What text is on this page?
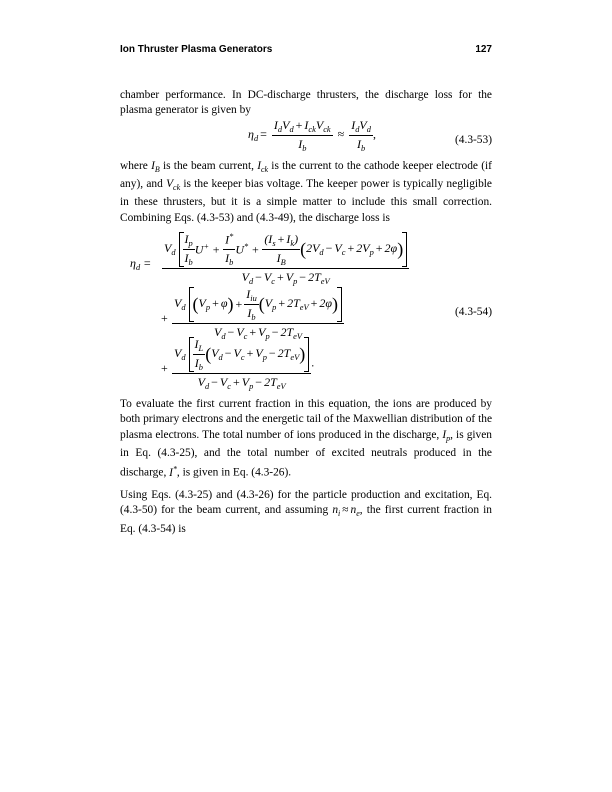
Ion Thruster Plasma Generators	127
chamber performance. In DC-discharge thrusters, the discharge loss for the plasma generator is given by
$\eta_d = \frac{I_dV_d + I_{ck}V_{ck}}{I_b} \approx \frac{I_dV_d}{I_b}$ ,	(4.3-53)
where $I_B$ is the beam current, $I_{ck}$ is the current to the cathode keeper electrode (if any), and $V_{ck}$ is the keeper bias voltage. The keeper power is typically negligible in these thrusters, but it is a simple matter to include this small correction. Combining Eqs. (4.3-53) and (4.3-49), the discharge loss is
$\eta_d$ =
$V_d \frac{I_p}{I_b} U^+$ +
$\frac{I^*}{I_b} U^*$ +
$\frac{(I_s + I_k)}{I_B}$ ( $2V_d - V_c + 2V_p + 2\varphi$ )
$V_d - V_c + V_p - 2T_{eV}$
+
$V_d$ ( $V_p + \varphi$ ) + $\frac{I_{iu}}{I_b}$ ( $V_p + 2T_{eV} + 2\varphi$ )
$V_d - V_c + V_p - 2T_{eV}$
(4.3-54)
+ $\frac{V_d \frac{I_L}{I_b} ( V_d - V_c + V_p - 2T_{eV} )}{V_d - V_c + V_p - 2T_{eV}}$ .
To evaluate the first current fraction in this equation, the ions are produced by both primary electrons and the energetic tail of the Maxwellian distribution of the plasma electrons. The total number of ions produced in the discharge, $I_p$, is given in Eq. (4.3-25), and the total number of excited neutrals produced in the discharge, I*, is given in Eq. (4.3-26).
Using Eqs. (4.3-25) and (4.3-26) for the particle production and excitation, Eq. (4.3-50) for the beam current, and assuming $n_i \approx n_e$, the first current fraction in Eq. (4.3-54) is
